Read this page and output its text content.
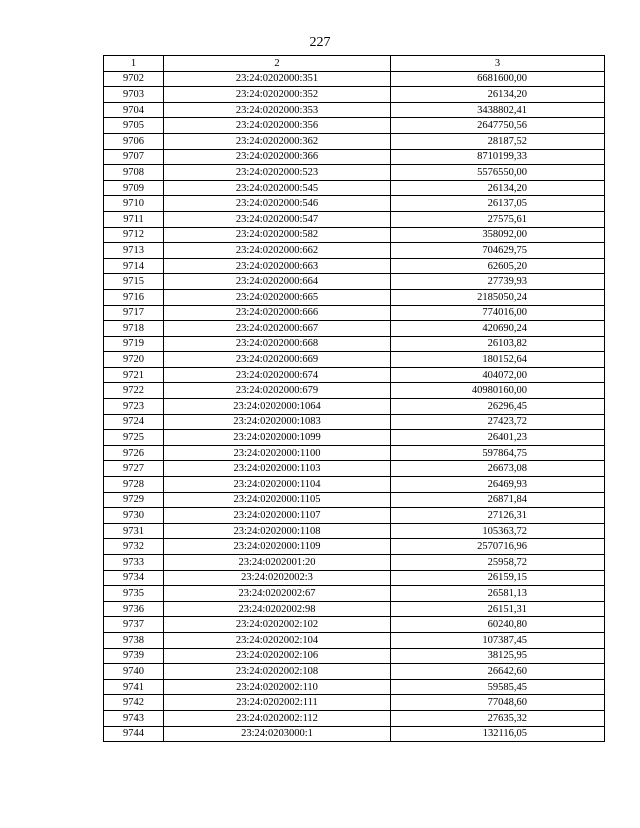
227
1	2	3
9702	23:24:0202000:351	6681600,00
9703	23:24:0202000:352	26134,20
9704	23:24:0202000:353	3438802,41
9705	23:24:0202000:356	2647750,56
9706	23:24:0202000:362	28187,52
9707	23:24:0202000:366	8710199,33
9708	23:24:0202000:523	5576550,00
9709	23:24:0202000:545	26134,20
9710	23:24:0202000:546	26137,05
9711	23:24:0202000:547	27575,61
9712	23:24:0202000:582	358092,00
9713	23:24:0202000:662	704629,75
9714	23:24:0202000:663	62605,20
9715	23:24:0202000:664	27739,93
9716	23:24:0202000:665	2185050,24
9717	23:24:0202000:666	774016,00
9718	23:24:0202000:667	420690,24
9719	23:24:0202000:668	26103,82
9720	23:24:0202000:669	180152,64
9721	23:24:0202000:674	404072,00
9722	23:24:0202000:679	40980160,00
9723	23:24:0202000:1064	26296,45
9724	23:24:0202000:1083	27423,72
9725	23:24:0202000:1099	26401,23
9726	23:24:0202000:1100	597864,75
9727	23:24:0202000:1103	26673,08
9728	23:24:0202000:1104	26469,93
9729	23:24:0202000:1105	26871,84
9730	23:24:0202000:1107	27126,31
9731	23:24:0202000:1108	105363,72
9732	23:24:0202000:1109	2570716,96
9733	23:24:0202001:20	25958,72
9734	23:24:0202002:3	26159,15
9735	23:24:0202002:67	26581,13
9736	23:24:0202002:98	26151,31
9737	23:24:0202002:102	60240,80
9738	23:24:0202002:104	107387,45
9739	23:24:0202002:106	38125,95
9740	23:24:0202002:108	26642,60
9741	23:24:0202002:110	59585,45
9742	23:24:0202002:111	77048,60
9743	23:24:0202002:112	27635,32
9744	23:24:0203000:1	132116,05
